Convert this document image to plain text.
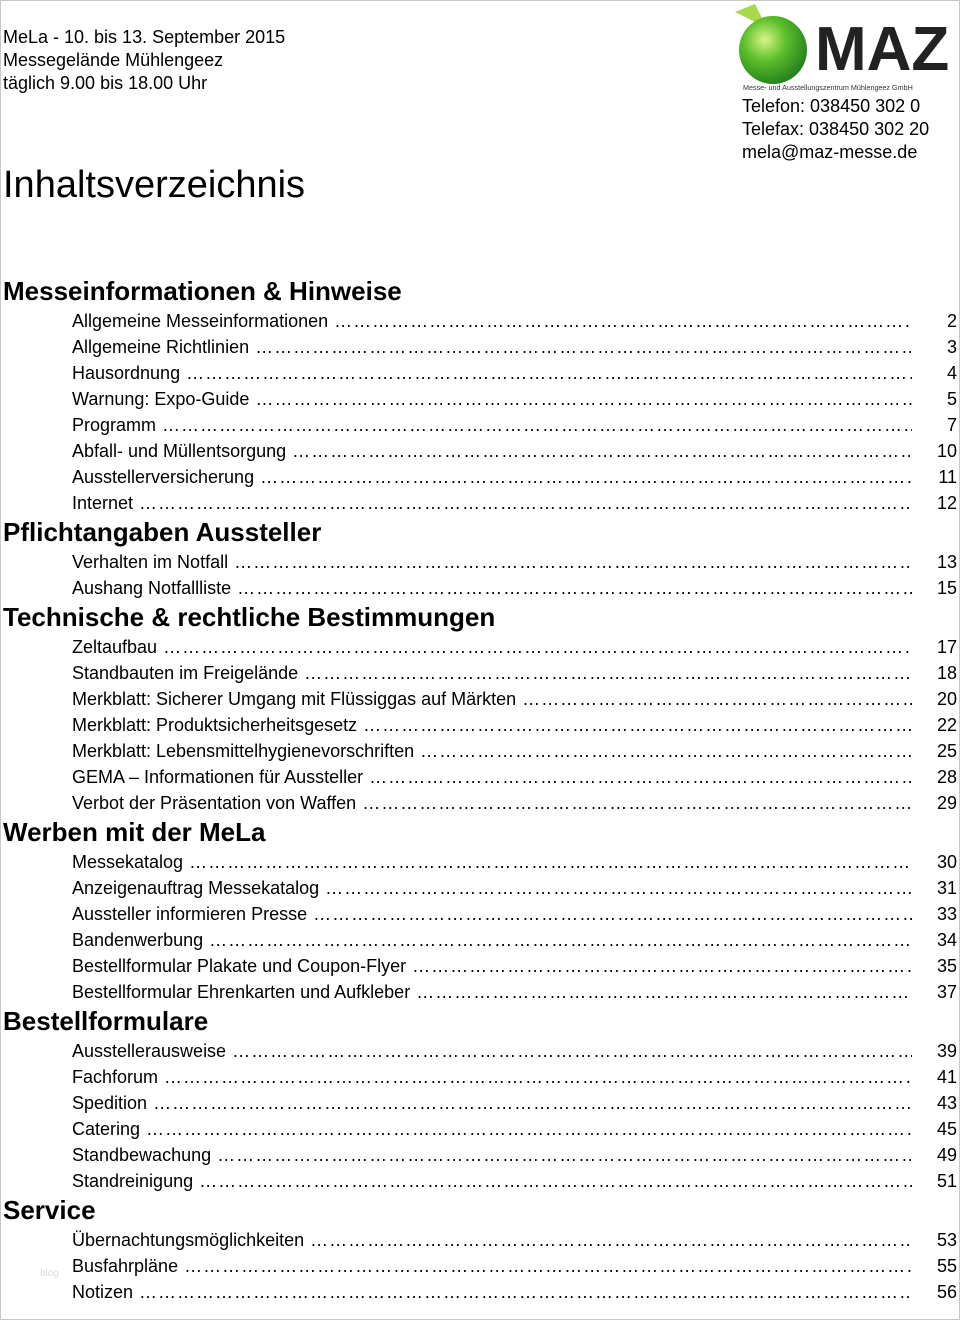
MeLa - 10. bis 13. September 2015
Messegelände Mühlengeez
täglich 9.00 bis 18.00 Uhr	MAZ
Messe- und Ausstellungszentrum Mühlengeez GmbH
Telefon: 038450 302 0
Telefax: 038450 302 20
mela@maz-messe.de
Inhaltsverzeichnis
Messeinformationen & Hinweise
Allgemeine Messeinformationen ……………………………………………………………………………………………………………………………………………………………………………………	2
Allgemeine Richtlinien ……………………………………………………………………………………………………………………………………………………………………………………	3
Hausordnung ……………………………………………………………………………………………………………………………………………………………………………………	4
Warnung: Expo-Guide ……………………………………………………………………………………………………………………………………………………………………………………	5
Programm ……………………………………………………………………………………………………………………………………………………………………………………	7
Abfall- und Müllentsorgung ……………………………………………………………………………………………………………………………………………………………………………………	10
Ausstellerversicherung ……………………………………………………………………………………………………………………………………………………………………………………	11
Internet ……………………………………………………………………………………………………………………………………………………………………………………	12
Pflichtangaben Aussteller
Verhalten im Notfall ……………………………………………………………………………………………………………………………………………………………………………………	13
Aushang Notfallliste ……………………………………………………………………………………………………………………………………………………………………………………	15
Technische & rechtliche Bestimmungen
Zeltaufbau ……………………………………………………………………………………………………………………………………………………………………………………	17
Standbauten im Freigelände ……………………………………………………………………………………………………………………………………………………………………………………	18
Merkblatt: Sicherer Umgang mit Flüssiggas auf Märkten ……………………………………………………………………………………………………………………………………………………………………………………	20
Merkblatt: Produktsicherheitsgesetz ……………………………………………………………………………………………………………………………………………………………………………………	22
Merkblatt: Lebensmittelhygienevorschriften ……………………………………………………………………………………………………………………………………………………………………………………	25
GEMA – Informationen für Aussteller ……………………………………………………………………………………………………………………………………………………………………………………	28
Verbot der Präsentation von Waffen ……………………………………………………………………………………………………………………………………………………………………………………	29
Werben mit der MeLa
Messekatalog ……………………………………………………………………………………………………………………………………………………………………………………	30
Anzeigenauftrag Messekatalog ……………………………………………………………………………………………………………………………………………………………………………………	31
Aussteller informieren Presse ……………………………………………………………………………………………………………………………………………………………………………………	33
Bandenwerbung ……………………………………………………………………………………………………………………………………………………………………………………	34
Bestellformular Plakate und Coupon-Flyer ……………………………………………………………………………………………………………………………………………………………………………………	35
Bestellformular Ehrenkarten und Aufkleber ……………………………………………………………………………………………………………………………………………………………………………………	37
Bestellformulare
Ausstellerausweise ……………………………………………………………………………………………………………………………………………………………………………………	39
Fachforum ……………………………………………………………………………………………………………………………………………………………………………………	41
Spedition ……………………………………………………………………………………………………………………………………………………………………………………	43
Catering ……………………………………………………………………………………………………………………………………………………………………………………	45
Standbewachung ……………………………………………………………………………………………………………………………………………………………………………………	49
Standreinigung ……………………………………………………………………………………………………………………………………………………………………………………	51
Service
Übernachtungsmöglichkeiten ……………………………………………………………………………………………………………………………………………………………………………………	53
Busfahrpläne ……………………………………………………………………………………………………………………………………………………………………………………	55
Notizen ……………………………………………………………………………………………………………………………………………………………………………………	56
blog
